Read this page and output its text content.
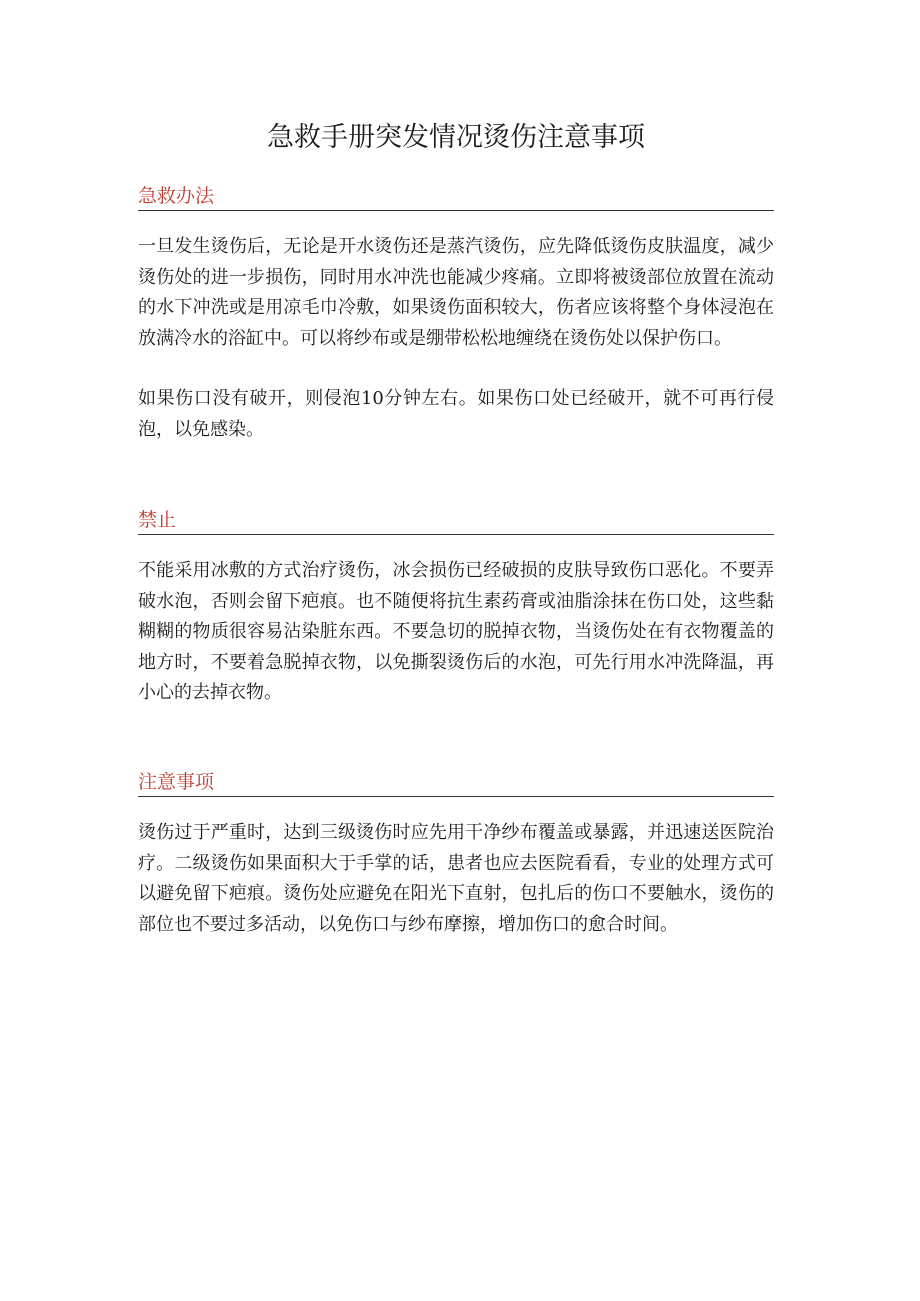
急救手册突发情况烫伤注意事项
急救办法

一旦发生烫伤后，无论是开水烫伤还是蒸汽烫伤，应先降低烫伤皮肤温度，减少烫伤处的进一步损伤，同时用水冲洗也能减少疼痛。立即将被烫部位放置在流动的水下冲洗或是用凉毛巾冷敷，如果烫伤面积较大，伤者应该将整个身体浸泡在放满冷水的浴缸中。可以将纱布或是绷带松松地缠绕在烫伤处以保护伤口。

如果伤口没有破开，则侵泡10分钟左右。如果伤口处已经破开，就不可再行侵泡，以免感染。

禁止

不能采用冰敷的方式治疗烫伤，冰会损伤已经破损的皮肤导致伤口恶化。不要弄破水泡，否则会留下疤痕。也不随便将抗生素药膏或油脂涂抹在伤口处，这些黏糊糊的物质很容易沾染脏东西。不要急切的脱掉衣物，当烫伤处在有衣物覆盖的地方时，不要着急脱掉衣物，以免撕裂烫伤后的水泡，可先行用水冲洗降温，再小心的去掉衣物。

注意事项

烫伤过于严重时，达到三级烫伤时应先用干净纱布覆盖或暴露，并迅速送医院治疗。二级烫伤如果面积大于手掌的话，患者也应去医院看看，专业的处理方式可以避免留下疤痕。烫伤处应避免在阳光下直射，包扎后的伤口不要触水，烫伤的部位也不要过多活动，以免伤口与纱布摩擦，增加伤口的愈合时间。
